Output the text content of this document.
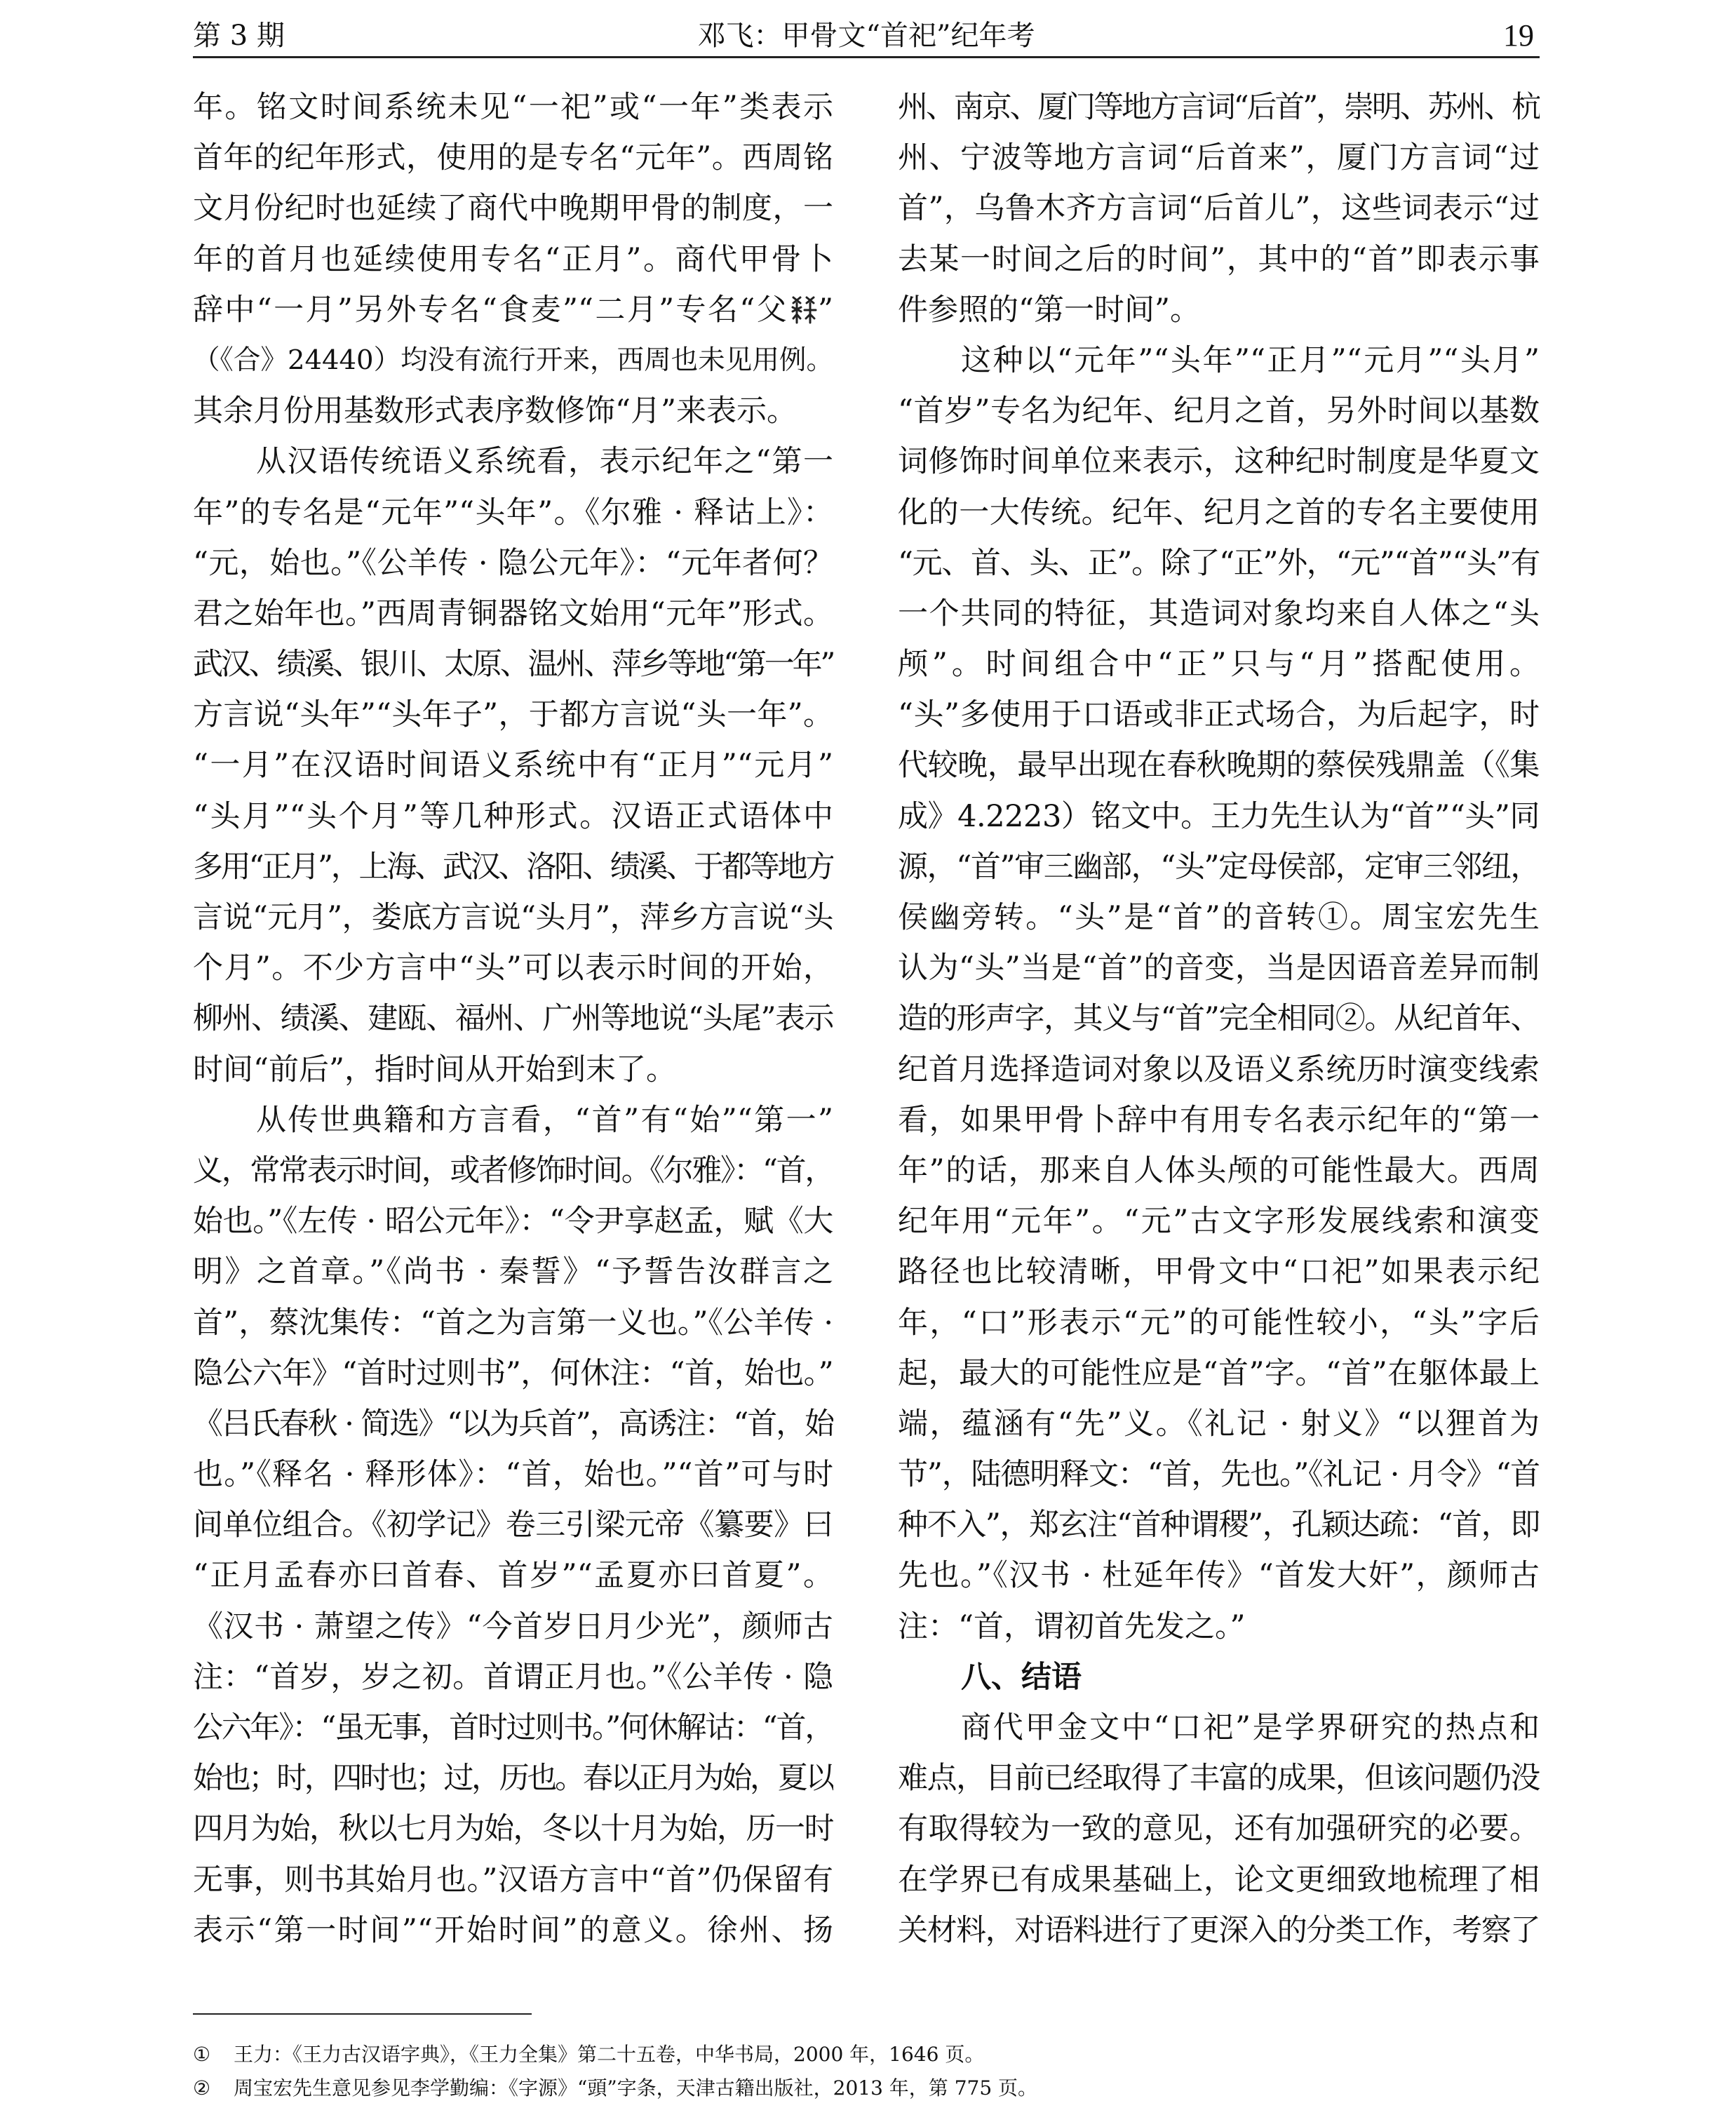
第 3 期	邓飞：甲骨文“首祀”纪年考	19
年。铭文时间系统未见“一祀”或“一年”类表示
首年的纪年形式，使用的是专名“元年”。西周铭
文月份纪时也延续了商代中晚期甲骨的制度，一
年的首月也延续使用专名“正月”。商代甲骨卜
辞中“一月”另外专名“食麦”“二月”专名“父 ”
（《合》24440）均没有流行开来，西周也未见用例。
其余月份用基数形式表序数修饰“月”来表示。
从汉语传统语义系统看，表示纪年之“第一
年”的专名是“元年”“头年”。《尔雅 · 释诂上》：
“元，始也。”《公羊传 · 隐公元年》：“元年者何？
君之始年也。”西周青铜器铭文始用“元年”形式。
武汉、绩溪、银川、太原、温州、萍乡等地“第一年”
方言说“头年”“头年子”，于都方言说“头一年”。
“一月”在汉语时间语义系统中有“正月”“元月”
“头月”“头个月”等几种形式。汉语正式语体中
多用“正月”，上海、武汉、洛阳、绩溪、于都等地方
言说“元月”，娄底方言说“头月”，萍乡方言说“头
个月”。不少方言中“头”可以表示时间的开始，
柳州、绩溪、建瓯、福州、广州等地说“头尾”表示
时间“前后”，指时间从开始到末了。
从传世典籍和方言看，“首”有“始”“第一”
义，常常表示时间，或者修饰时间。《尔雅》：“首，
始也。”《左传 · 昭公元年》：“令尹享赵孟，赋《大
明》之首章。”《尚书 · 秦誓》“予誓告汝群言之
首”，蔡沈集传：“首之为言第一义也。”《公羊传 ·
隐公六年》“首时过则书”，何休注：“首，始也。”
《吕氏春秋 · 简选》“以为兵首”，高诱注：“首，始
也。”《释名 · 释形体》：“首，始也。”“首”可与时
间单位组合。《初学记》卷三引梁元帝《纂要》曰
“正月孟春亦曰首春、首岁”“孟夏亦曰首夏”。
《汉书 · 萧望之传》“今首岁日月少光”，颜师古
注：“首岁，岁之初。首谓正月也。”《公羊传 · 隐
公六年》：“虽无事，首时过则书。”何休解诂：“首，
始也；时，四时也；过，历也。春以正月为始，夏以
四月为始，秋以七月为始，冬以十月为始，历一时
无事，则书其始月也。”汉语方言中“首”仍保留有
表示“第一时间”“开始时间”的意义。徐州、扬
州、南京、厦门等地方言词“后首”，崇明、苏州、杭
州、宁波等地方言词“后首来”，厦门方言词“过
首”，乌鲁木齐方言词“后首儿”，这些词表示“过
去某一时间之后的时间”，其中的“首”即表示事
件参照的“第一时间”。
这种以“元年”“头年”“正月”“元月”“头月”
“首岁”专名为纪年、纪月之首，另外时间以基数
词修饰时间单位来表示，这种纪时制度是华夏文
化的一大传统。纪年、纪月之首的专名主要使用
“元、首、头、正”。除了“正”外，“元”“首”“头”有
一个共同的特征，其造词对象均来自人体之“头
颅”。时间组合中“正”只与“月”搭配使用。
“头”多使用于口语或非正式场合，为后起字，时
代较晚，最早出现在春秋晚期的蔡侯残鼎盖（《集
成》4.2223）铭文中。王力先生认为“首”“头”同
源，“首”审三幽部，“头”定母侯部，定审三邻纽，
侯幽旁转。“头”是“首”的音转①。周宝宏先生
认为“头”当是“首”的音变，当是因语音差异而制
造的形声字，其义与“首”完全相同②。从纪首年、
纪首月选择造词对象以及语义系统历时演变线索
看，如果甲骨卜辞中有用专名表示纪年的“第一
年”的话，那来自人体头颅的可能性最大。西周
纪年用“元年”。“元”古文字形发展线索和演变
路径也比较清晰，甲骨文中“口祀”如果表示纪
年，“口”形表示“元”的可能性较小，“头”字后
起，最大的可能性应是“首”字。“首”在躯体最上
端，蕴涵有“先”义。《礼记 · 射义》“以狸首为
节”，陆德明释文：“首，先也。”《礼记 · 月令》“首
种不入”，郑玄注“首种谓稷”，孔颖达疏：“首，即
先也。”《汉书 · 杜延年传》“首发大奸”，颜师古
注：“首，谓初首先发之。”
八、结语
商代甲金文中“口祀”是学界研究的热点和
难点，目前已经取得了丰富的成果，但该问题仍没
有取得较为一致的意见，还有加强研究的必要。
在学界已有成果基础上，论文更细致地梳理了相
关材料，对语料进行了更深入的分类工作，考察了
① 王力：《王力古汉语字典》，《王力全集》第二十五卷，中华书局，2000 年，1646 页。
② 周宝宏先生意见参见李学勤编：《字源》“頭”字条，天津古籍出版社，2013 年，第 775 页。
